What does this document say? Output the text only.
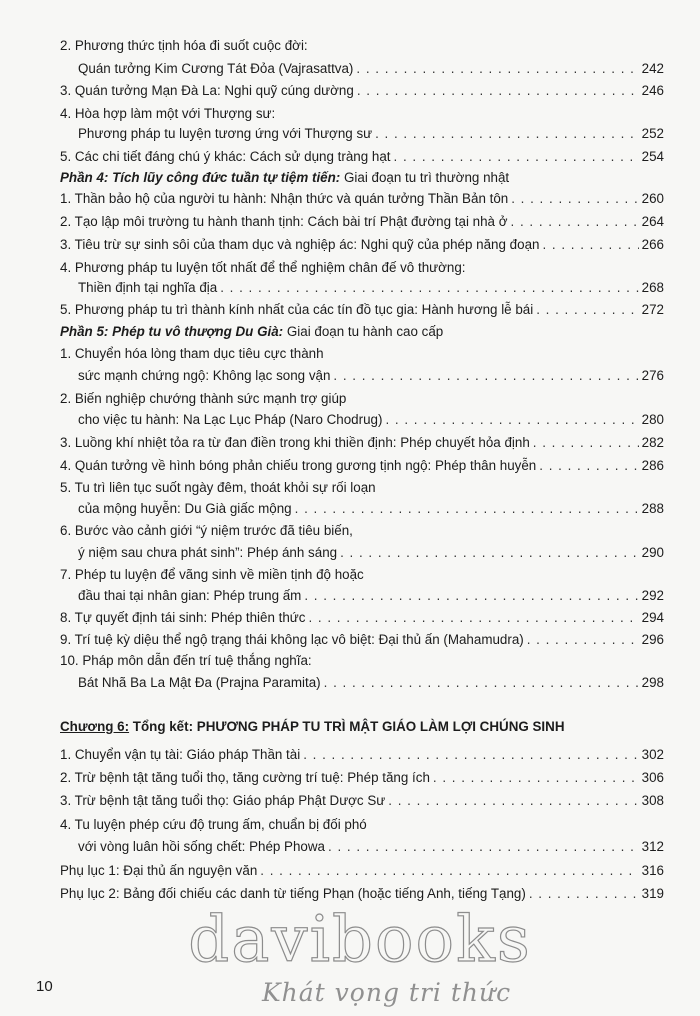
2. Phương thức tịnh hóa đi suốt cuộc đời:
Quán tưởng Kim Cương Tát Đỏa (Vajrasattva) . . .	242
3. Quán tưởng Mạn Đà La: Nghi quỹ cúng dường . . .	246
4. Hòa hợp làm một với Thượng sư:
Phương pháp tu luyện tương ứng với Thượng sư . . .	252
5. Các chi tiết đáng chú ý khác: Cách sử dụng tràng hạt . . .	254
Phần 4: Tích lũy công đức tuần tự tiệm tiến: Giai đoạn tu trì thường nhật
1. Thần bảo hộ của người tu hành: Nhận thức và quán tưởng Thần Bản tôn . . .	260
2. Tạo lập môi trường tu hành thanh tịnh: Cách bài trí Phật đường tại nhà ở . . .	264
3. Tiêu trừ sự sinh sôi của tham dục và nghiệp ác: Nghi quỹ của phép năng đoạn . . .	266
4. Phương pháp tu luyện tốt nhất để thể nghiệm chân đế vô thường:
Thiền định tại nghĩa địa . . .	268
5. Phương pháp tu trì thành kính nhất của các tín đồ tục gia: Hành hương lễ bái . . .	272
Phần 5: Phép tu vô thượng Du Già: Giai đoạn tu hành cao cấp
1. Chuyển hóa lòng tham dục tiêu cực thành
sức mạnh chứng ngộ: Không lạc song vận . . .	276
2. Biến nghiệp chướng thành sức mạnh trợ giúp
cho việc tu hành: Na Lạc Lục Pháp (Naro Chodrug) . . .	280
3. Luồng khí nhiệt tỏa ra từ đan điền trong khi thiền định: Phép chuyết hỏa định . . .	282
4. Quán tưởng về hình bóng phản chiếu trong gương tịnh ngộ: Phép thân huyễn . . .	286
5. Tu trì liên tục suốt ngày đêm, thoát khỏi sự rối loạn
của mộng huyễn: Du Già giấc mộng . . .	288
6. Bước vào cảnh giới “ý niệm trước đã tiêu biến,
ý niệm sau chưa phát sinh”: Phép ánh sáng . . .	290
7. Phép tu luyện để vãng sinh về miền tịnh độ hoặc
đầu thai tại nhân gian: Phép trung ấm . . .	292
8. Tự quyết định tái sinh: Phép thiên thức . . .	294
9. Trí tuệ kỳ diệu thể ngộ trạng thái không lạc vô biệt: Đại thủ ấn (Mahamudra) . . .	296
10. Pháp môn dẫn đến trí tuệ thắng nghĩa:
Bát Nhã Ba La Mật Đa (Prajna Paramita) . . .	298
Chương 6: Tổng kết: PHƯƠNG PHÁP TU TRÌ MẬT GIÁO LÀM LỢI CHÚNG SINH
1. Chuyển vận tụ tài: Giáo pháp Thần tài . . .	302
2. Trừ bệnh tật tăng tuổi thọ, tăng cường trí tuệ: Phép tăng ích . . .	306
3. Trừ bệnh tật tăng tuổi thọ: Giáo pháp Phật Dược Sư . . .	308
4. Tu luyện phép cứu độ trung ấm, chuẩn bị đối phó
với vòng luân hồi sống chết: Phép Phowa . . .	312
Phụ lục 1: Đại thủ ấn nguyện văn . . .	316
Phụ lục 2: Bảng đối chiếu các danh từ tiếng Phạn (hoặc tiếng Anh, tiếng Tạng) . . .	319
10
davibooks
Khát vọng tri thức
